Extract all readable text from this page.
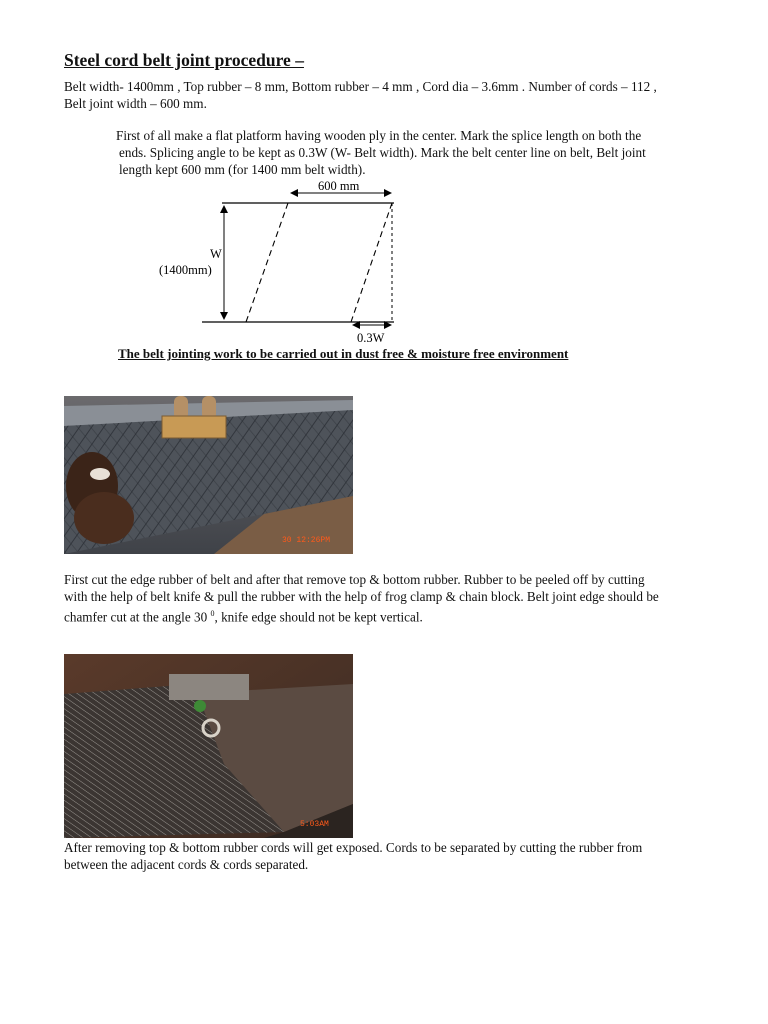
Steel cord belt joint procedure –
Belt width- 1400mm , Top rubber – 8 mm, Bottom rubber – 4 mm , Cord dia – 3.6mm . Number of cords – 112 ,
Belt joint width – 600 mm.
First of all make a flat platform having wooden ply in the center. Mark the splice length on both the
ends. Splicing angle to be kept as 0.3W (W- Belt width). Mark the belt center line on belt, Belt joint
length kept 600 mm (for 1400 mm belt width).
600 mm
W
(1400mm)
0.3W
The belt jointing work to be carried out in dust free & moisture free environment
30 12:26PM
First cut the edge rubber of belt and after that remove top & bottom rubber. Rubber to be peeled off by cutting
with the help of belt knife & pull the rubber with the help of frog clamp & chain block. Belt joint edge should be
chamfer cut at the angle 30 $^0$, knife edge should not be kept vertical.
5:03AM
After removing top & bottom rubber cords will get exposed. Cords to be separated by cutting the rubber from
between the adjacent cords & cords separated.
